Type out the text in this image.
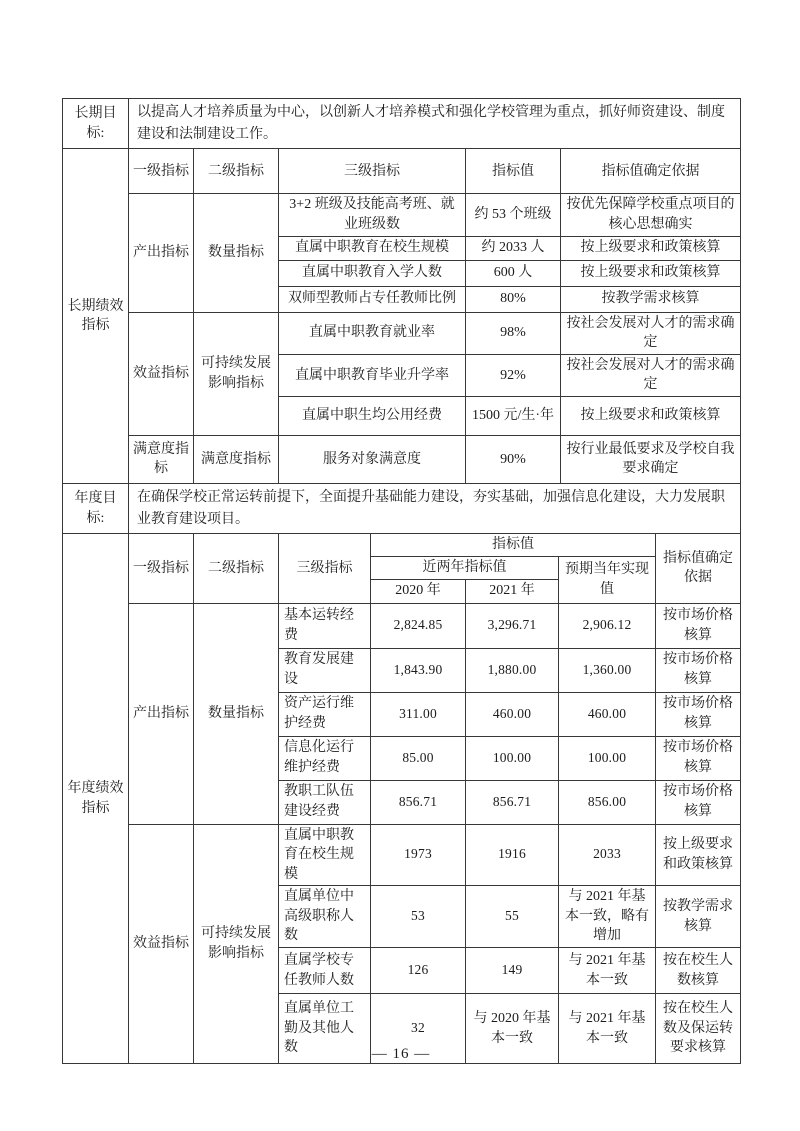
长期目标:	以提高人才培养质量为中心，以创新人才培养模式和强化学校管理为重点，抓好师资建设、制度建设和法制建设工作。				
长期绩效指标	一级指标	二级指标	三级指标	指标值	指标值确定依据
	产出指标	数量指标	3+2 班级及技能高考班、就业班级数	约 53 个班级	按优先保障学校重点项目的核心思想确实
			直属中职教育在校生规模	约 2033 人	按上级要求和政策核算
			直属中职教育入学人数	600 人	按上级要求和政策核算
			双师型教师占专任教师比例	80%	按教学需求核算
	效益指标	可持续发展影响指标	直属中职教育就业率	98%	按社会发展对人才的需求确定
			直属中职教育毕业升学率	92%	按社会发展对人才的需求确定
			直属中职生均公用经费	1500 元/生·年	按上级要求和政策核算
	满意度指标	满意度指标	服务对象满意度	90%	按行业最低要求及学校自我要求确定
年度目标:	在确保学校正常运转前提下，全面提升基础能力建设，夯实基础，加强信息化建设，大力发展职业教育建设项目。						
年度绩效指标	一级指标	二级指标	三级指标	指标值			指标值确定依据
				近两年指标值		预期当年实现值	
				2020 年	2021 年		
	产出指标	数量指标	基本运转经费	2,824.85	3,296.71	2,906.12	按市场价格核算
			教育发展建设	1,843.90	1,880.00	1,360.00	按市场价格核算
			资产运行维护经费	311.00	460.00	460.00	按市场价格核算
			信息化运行维护经费	85.00	100.00	100.00	按市场价格核算
			教职工队伍建设经费	856.71	856.71	856.00	按市场价格核算
	效益指标	可持续发展影响指标	直属中职教育在校生规模	1973	1916	2033	按上级要求和政策核算
			直属单位中高级职称人数	53	55	与 2021 年基本一致，略有增加	按教学需求核算
			直属学校专任教师人数	126	149	与 2021 年基本一致	按在校生人数核算
			直属单位工勤及其他人数	32	与 2020 年基本一致	与 2021 年基本一致	按在校生人数及保运转要求核算
— 16 —
